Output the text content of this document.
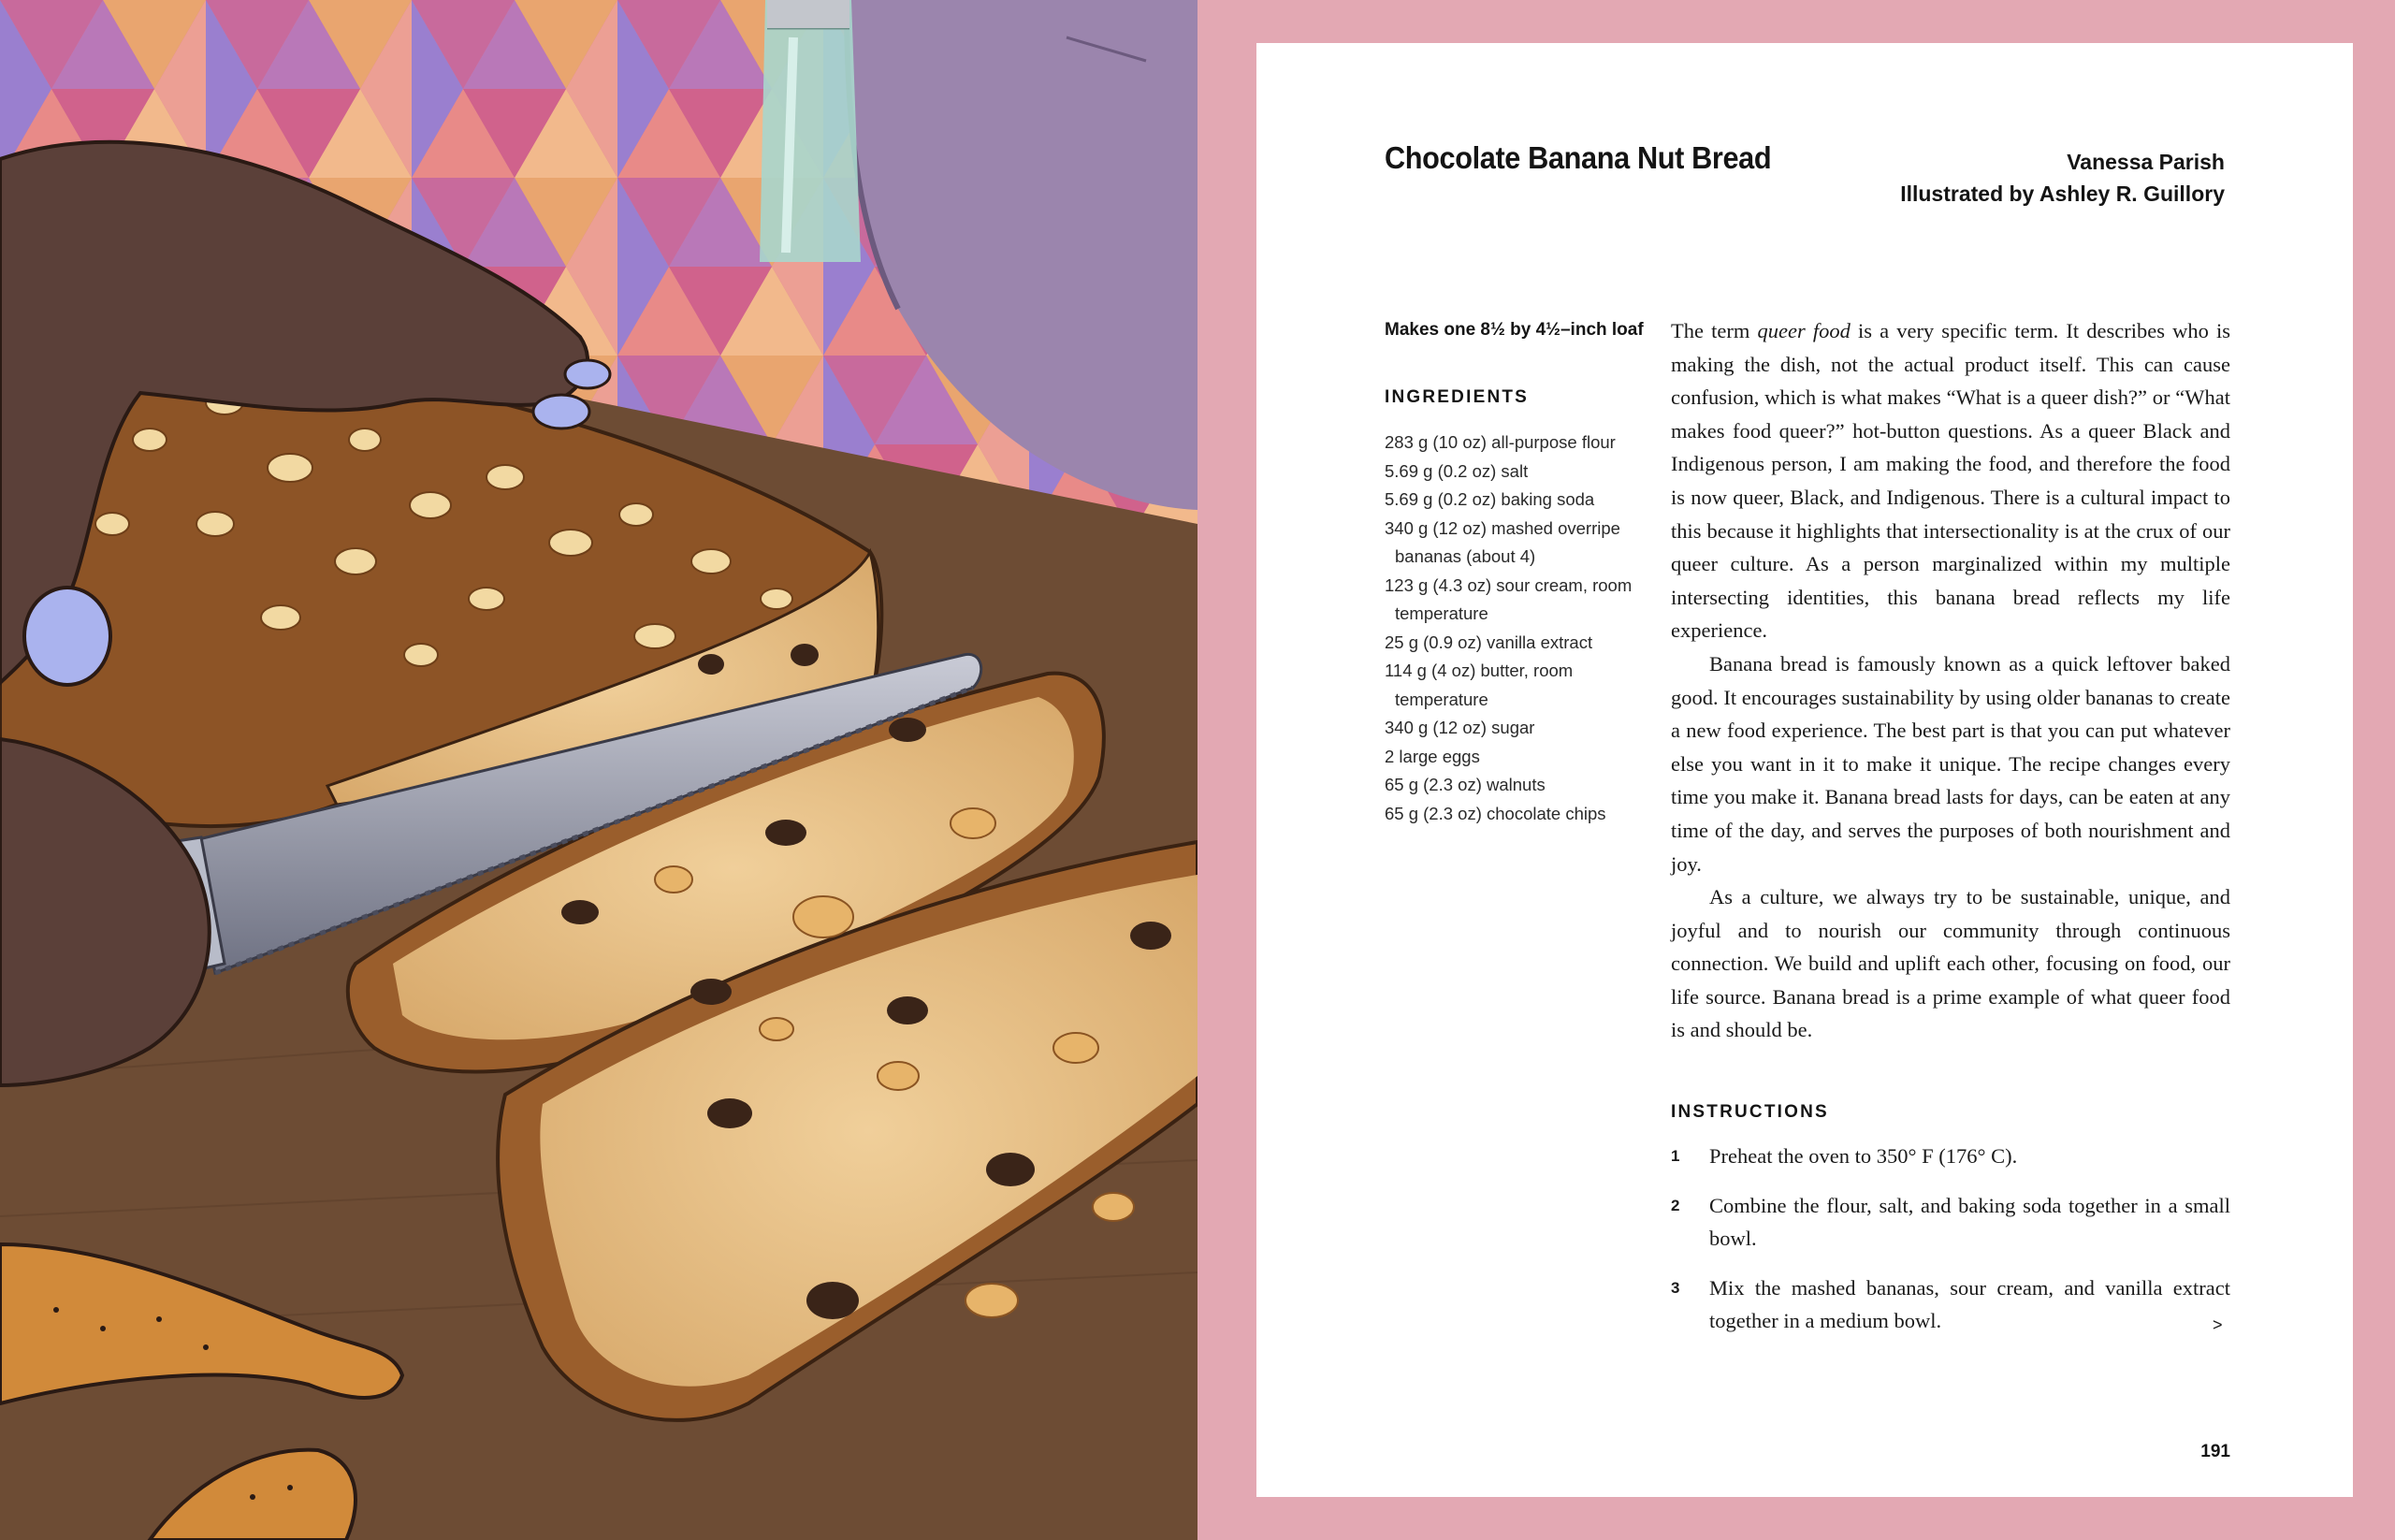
Chocolate Banana Nut Bread	Vanessa Parish
Illustrated by Ashley R. Guillory
Makes one 8½ by 4½–inch loaf
INGREDIENTS
283 g (10 oz) all-purpose flour
5.69 g (0.2 oz) salt
5.69 g (0.2 oz) baking soda
340 g (12 oz) mashed overripe bananas (about 4)
123 g (4.3 oz) sour cream, room temperature
25 g (0.9 oz) vanilla extract
114 g (4 oz) butter, room temperature
340 g (12 oz) sugar
2 large eggs
65 g (2.3 oz) walnuts
65 g (2.3 oz) chocolate chips

The term queer food is a very specific term. It describes who is making the dish, not the actual product itself. This can cause confusion, which is what makes “What is a queer dish?” or “What makes food queer?” hot-button questions. As a queer Black and Indigenous person, I am making the food, and therefore the food is now queer, Black, and Indigenous. There is a cultural impact to this because it highlights that intersectionality is at the crux of our queer culture. As a person marginalized within my multiple intersecting identities, this banana bread reflects my life experience.

Banana bread is famously known as a quick leftover baked good. It encourages sustainability by using older bananas to create a new food experience. The best part is that you can put whatever else you want in it to make it unique. The recipe changes every time you make it. Banana bread lasts for days, can be eaten at any time of the day, and serves the purposes of both nourishment and joy.

As a culture, we always try to be sustainable, unique, and joyful and to nourish our community through continuous connection. We build and uplift each other, focusing on food, our life source. Banana bread is a prime example of what queer food is and should be.

INSTRUCTIONS
1 Preheat the oven to 350° F (176° C).
2 Combine the flour, salt, and baking soda together in a small bowl.
3 Mix the mashed bananas, sour cream, and vanilla extract together in a medium bowl.	>
191
